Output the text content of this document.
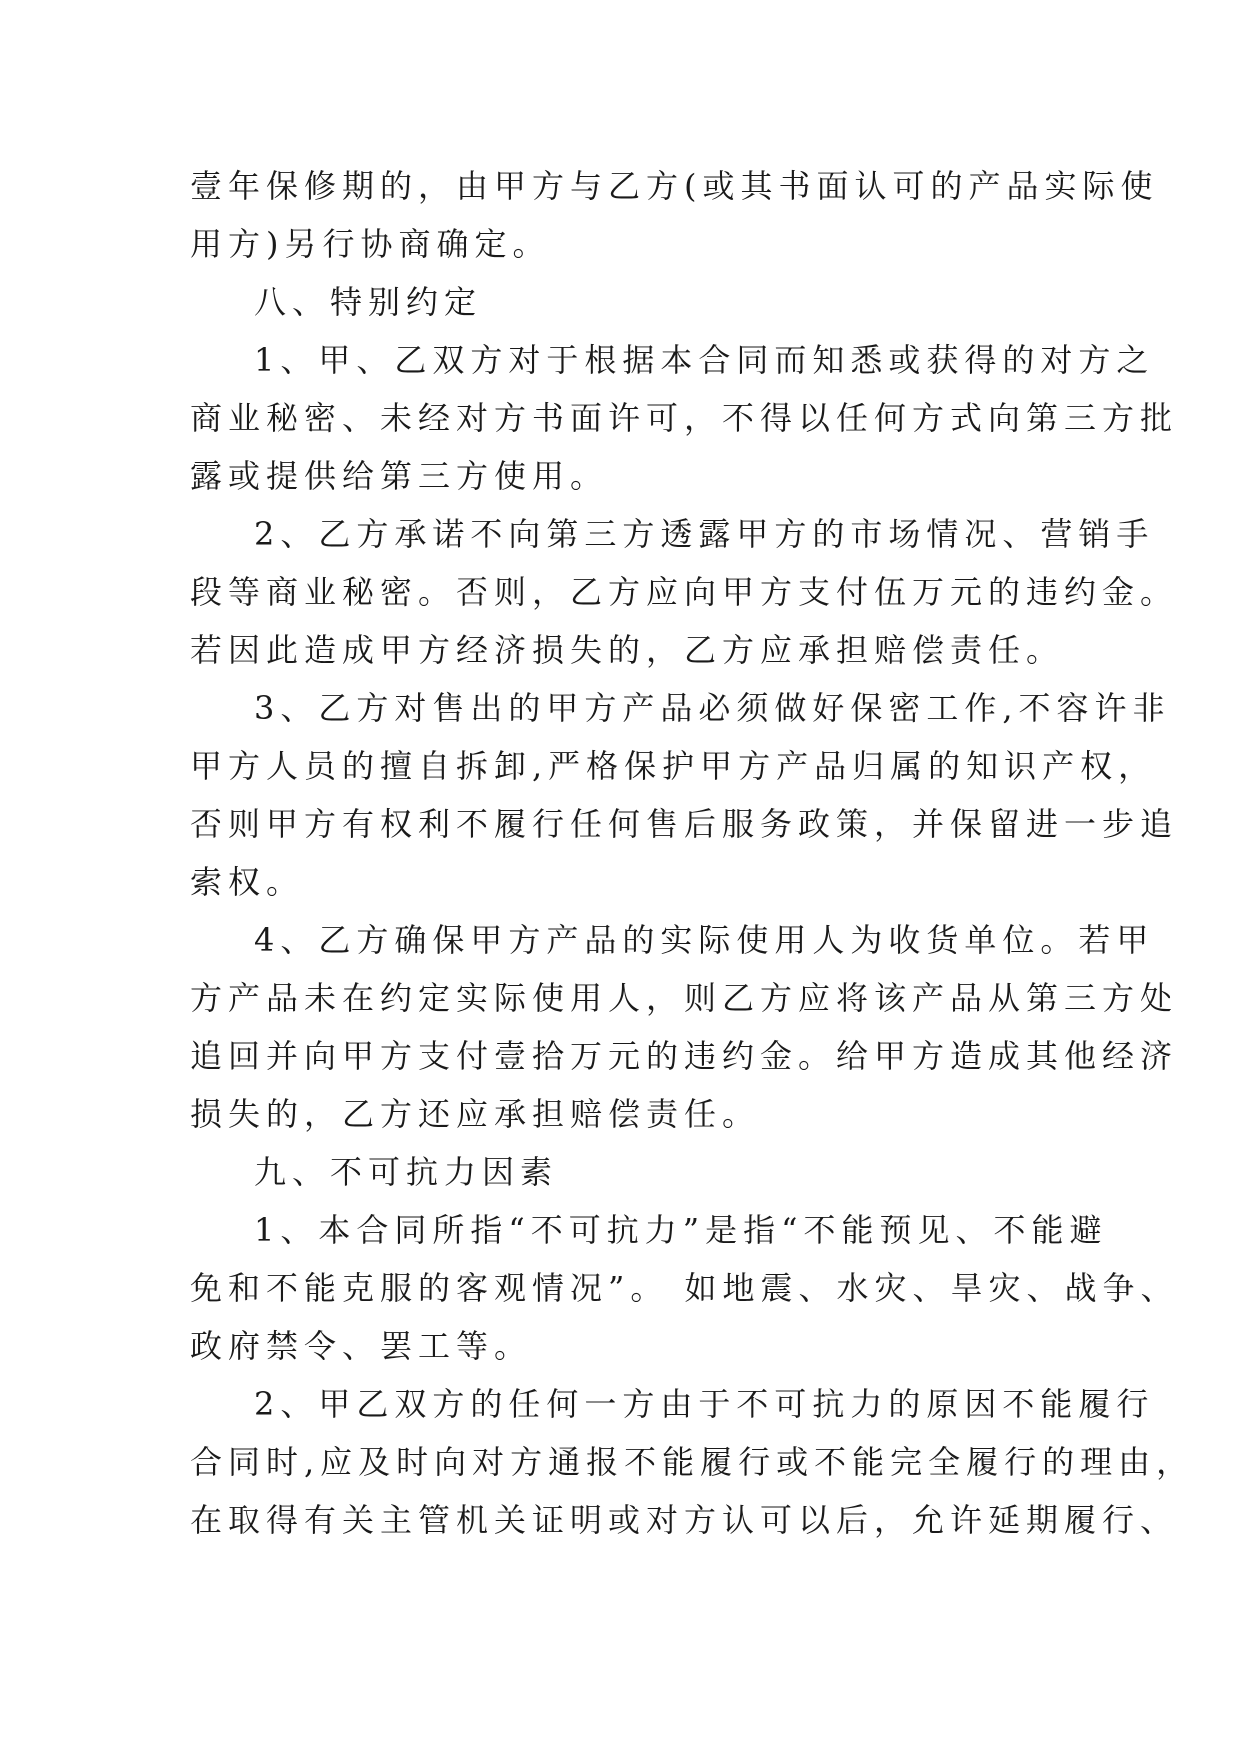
壹年保修期的，由甲方与乙方(或其书面认可的产品实际使
用方)另行协商确定。
八、特别约定
1、甲、乙双方对于根据本合同而知悉或获得的对方之
商业秘密、未经对方书面许可，不得以任何方式向第三方批
露或提供给第三方使用。
2、乙方承诺不向第三方透露甲方的市场情况、营销手
段等商业秘密。否则，乙方应向甲方支付伍万元的违约金。
若因此造成甲方经济损失的，乙方应承担赔偿责任。
3、乙方对售出的甲方产品必须做好保密工作,不容许非
甲方人员的擅自拆卸,严格保护甲方产品归属的知识产权，
否则甲方有权利不履行任何售后服务政策，并保留进一步追
索权。
4、乙方确保甲方产品的实际使用人为收货单位。若甲
方产品未在约定实际使用人，则乙方应将该产品从第三方处
追回并向甲方支付壹拾万元的违约金。给甲方造成其他经济
损失的，乙方还应承担赔偿责任。
九、不可抗力因素
1、本合同所指“不可抗力”是指“不能预见、不能避
免和不能克服的客观情况”。 如地震、水灾、旱灾、战争、
政府禁令、罢工等。
2、甲乙双方的任何一方由于不可抗力的原因不能履行
合同时,应及时向对方通报不能履行或不能完全履行的理由，
在取得有关主管机关证明或对方认可以后，允许延期履行、
